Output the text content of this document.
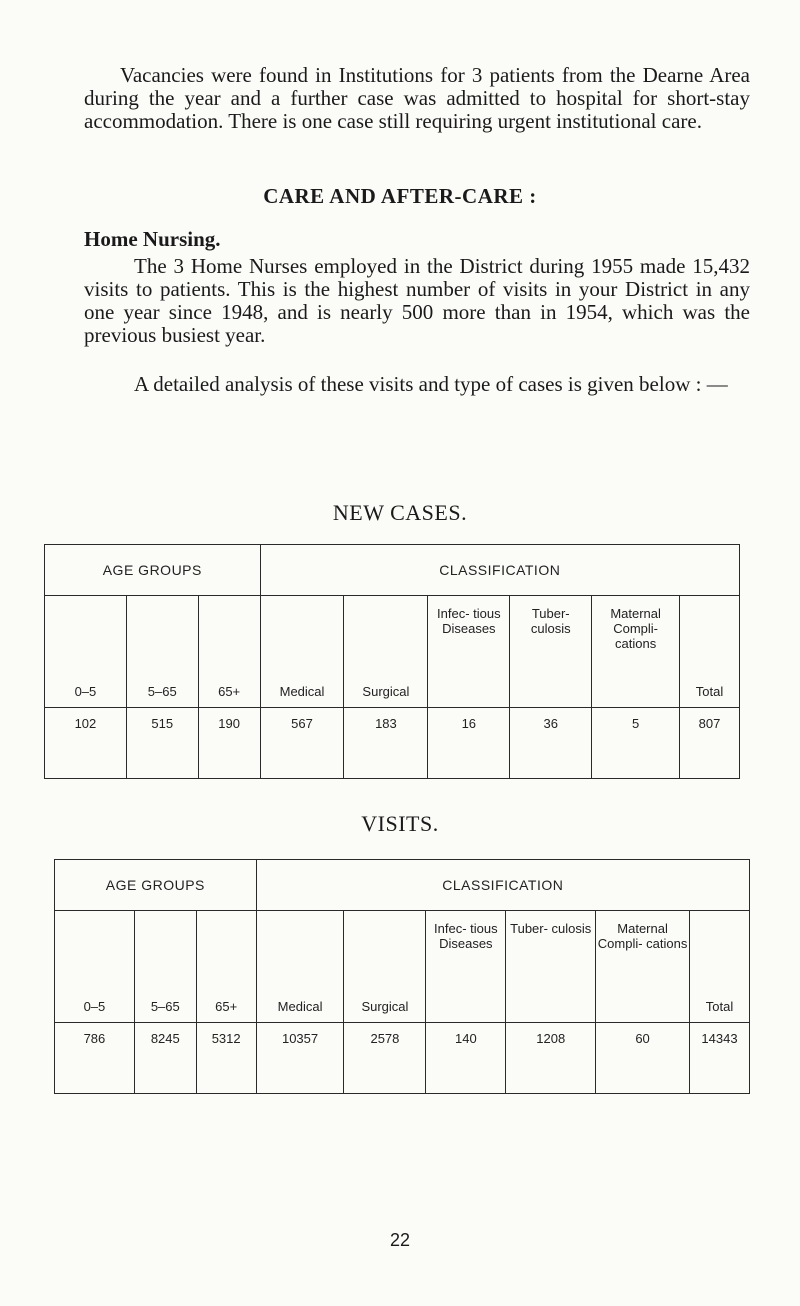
Vacancies were found in Institutions for 3 patients from the Dearne Area during the year and a further case was admitted to hospital for short-stay accommodation. There is one case still requiring urgent institutional care.
CARE AND AFTER-CARE :
Home Nursing.
The 3 Home Nurses employed in the District during 1955 made 15,432 visits to patients. This is the highest number of visits in your District in any one year since 1948, and is nearly 500 more than in 1954, which was the previous busiest year.
A detailed analysis of these visits and type of cases is given below : —
NEW CASES.
AGE GROUPS			CLASSIFICATION					
0–5	5–65	65+	Medical	Surgical	Infec- tious Diseases	Tuber- culosis	Maternal Compli- cations	Total
102	515	190	567	183	16	36	5	807
VISITS.
AGE GROUPS			CLASSIFICATION					
0–5	5–65	65+	Medical	Surgical	Infec- tious Diseases	Tuber- culosis	Maternal Compli- cations	Total
786	8245	5312	10357	2578	140	1208	60	14343
22
